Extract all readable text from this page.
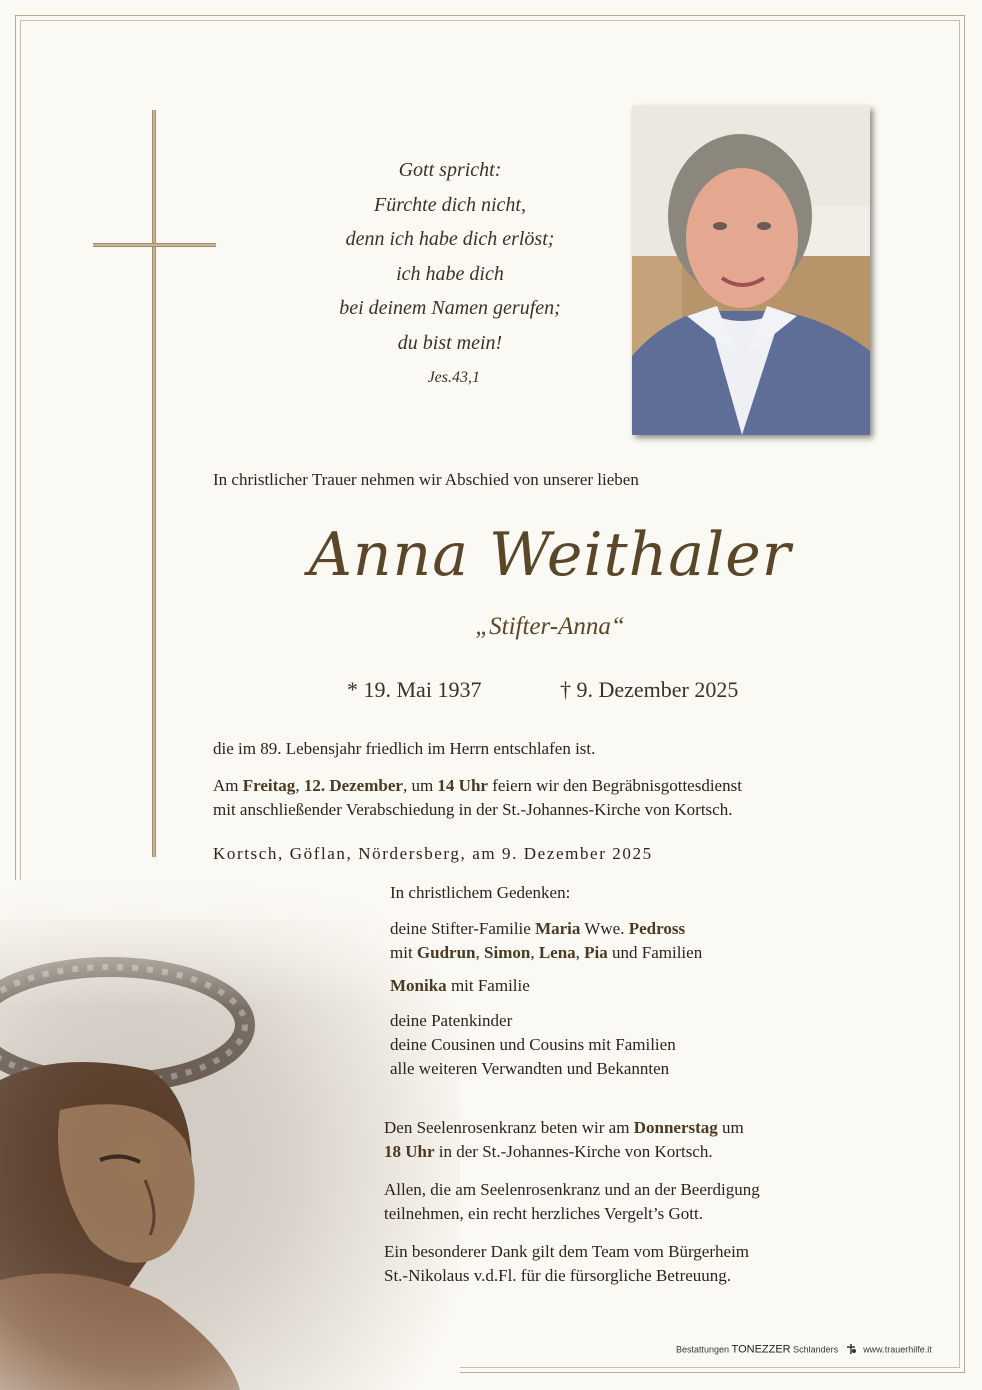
Gott spricht:
Fürchte dich nicht,
denn ich habe dich erlöst;
ich habe dich
bei deinem Namen gerufen;
du bist mein!
Jes.43,1
In christlicher Trauer nehmen wir Abschied von unserer lieben
Anna Weithaler
„Stifter-Anna“
* 19. Mai 1937	† 9. Dezember 2025
die im 89. Lebensjahr friedlich im Herrn entschlafen ist.
Am Freitag, 12. Dezember, um 14 Uhr feiern wir den Begräbnisgottesdienst
mit anschließender Verabschiedung in der St.-Johannes-Kirche von Kortsch.
Kortsch, Göflan, Nördersberg, am 9. Dezember 2025
In christlichem Gedenken:
deine Stifter-Familie Maria Wwe. Pedross
mit Gudrun, Simon, Lena, Pia und Familien
Monika mit Familie
deine Patenkinder
deine Cousinen und Cousins mit Familien
alle weiteren Verwandten und Bekannten
Den Seelenrosenkranz beten wir am Donnerstag um
18 Uhr in der St.-Johannes-Kirche von Kortsch.
Allen, die am Seelenrosenkranz und an der Beerdigung
teilnehmen, ein recht herzliches Vergelt’s Gott.
Ein besonderer Dank gilt dem Team vom Bürgerheim
St.-Nikolaus v.d.Fl. für die fürsorgliche Betreuung.
Bestattungen TONEZZER Schlanders	www.trauerhilfe.it
